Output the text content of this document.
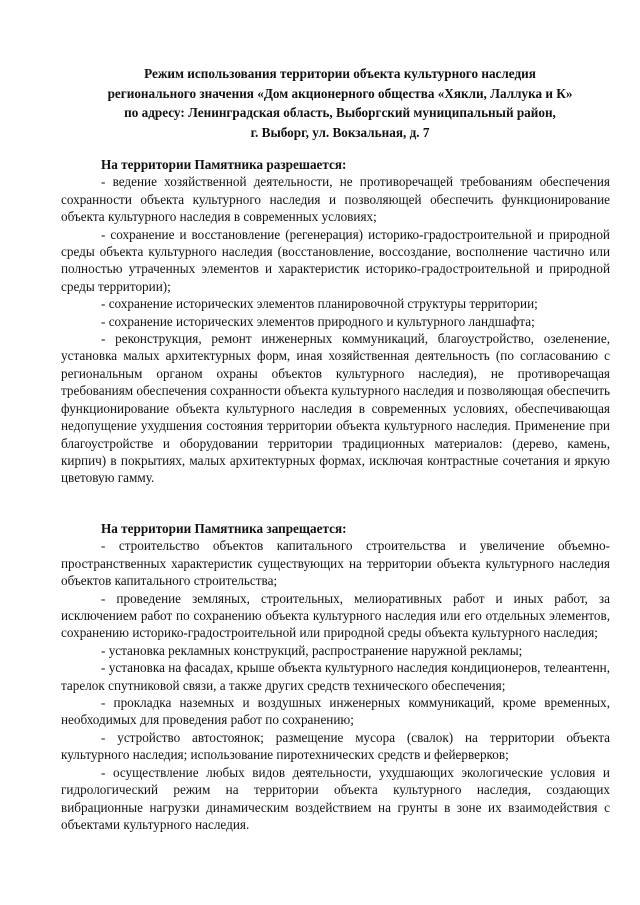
Режим использования территории объекта культурного наследия
регионального значения «Дом акционерного общества «Хякли, Лаллука и К»
по адресу: Ленинградская область, Выборгский муниципальный район,
г. Выборг, ул. Вокзальная, д. 7

На территории Памятника разрешается:

- ведение хозяйственной деятельности, не противоречащей требованиям обеспечения сохранности объекта культурного наследия и позволяющей обеспечить функционирование объекта культурного наследия в современных условиях;

- сохранение и восстановление (регенерация) историко-градостроительной и природной среды объекта культурного наследия (восстановление, воссоздание, восполнение частично или полностью утраченных элементов и характеристик историко-градостроительной и природной среды территории);

- сохранение исторических элементов планировочной структуры территории;

- сохранение исторических элементов природного и культурного ландшафта;

- реконструкция, ремонт инженерных коммуникаций, благоустройство, озеленение, установка малых архитектурных форм, иная хозяйственная деятельность (по согласованию с региональным органом охраны объектов культурного наследия), не противоречащая требованиям обеспечения сохранности объекта культурного наследия и позволяющая обеспечить функционирование объекта культурного наследия в современных условиях, обеспечивающая недопущение ухудшения состояния территории объекта культурного наследия. Применение при благоустройстве и оборудовании территории традиционных материалов: (дерево, камень, кирпич) в покрытиях, малых архитектурных формах, исключая контрастные сочетания и яркую цветовую гамму.

На территории Памятника запрещается:

- строительство объектов капитального строительства и увеличение объемно-пространственных характеристик существующих на территории объекта культурного наследия объектов капитального строительства;

- проведение земляных, строительных, мелиоративных работ и иных работ, за исключением работ по сохранению объекта культурного наследия или его отдельных элементов, сохранению историко-градостроительной или природной среды объекта культурного наследия;

- установка рекламных конструкций, распространение наружной рекламы;

- установка на фасадах, крыше объекта культурного наследия кондиционеров, телеантенн, тарелок спутниковой связи, а также других средств технического обеспечения;

- прокладка наземных и воздушных инженерных коммуникаций, кроме временных, необходимых для проведения работ по сохранению;

- устройство автостоянок; размещение мусора (свалок) на территории объекта культурного наследия; использование пиротехнических средств и фейерверков;

- осуществление любых видов деятельности, ухудшающих экологические условия и гидрологический режим на территории объекта культурного наследия, создающих вибрационные нагрузки динамическим воздействием на грунты в зоне их взаимодействия с объектами культурного наследия.
